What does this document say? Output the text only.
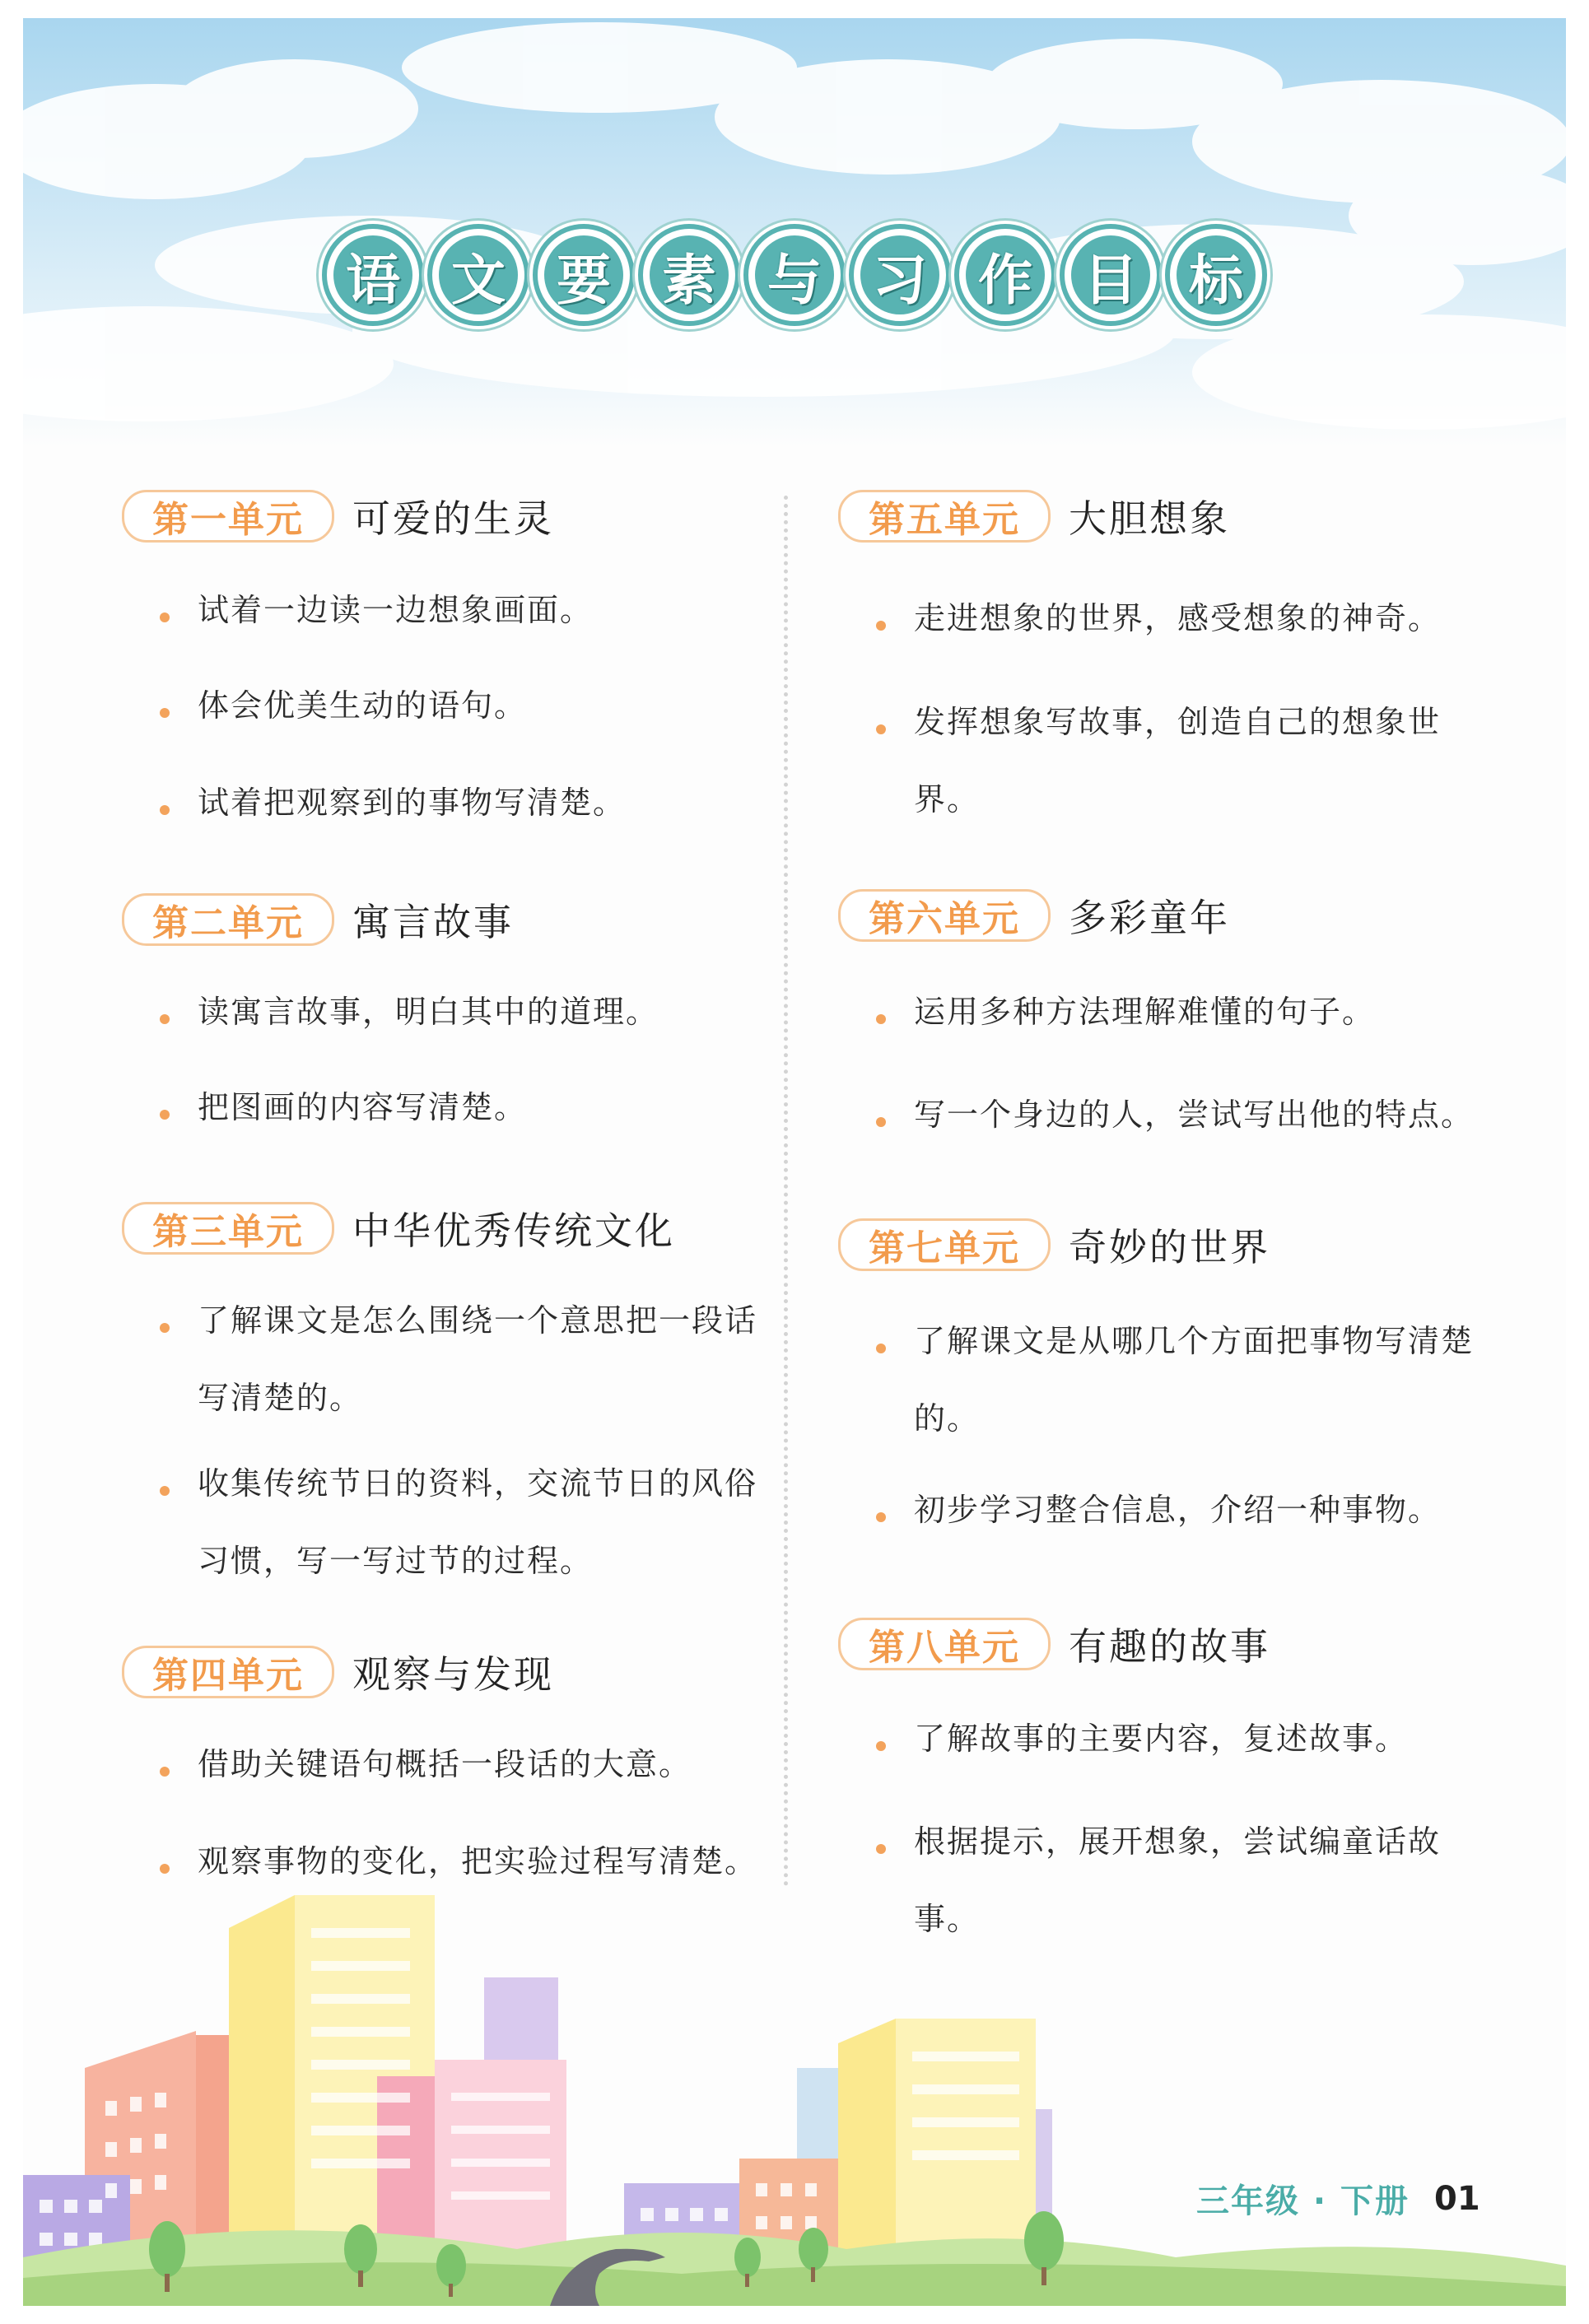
语 文 要 素 与 习 作 目 标
第一单元	可爱的生灵
试着一边读一边想象画面。
体会优美生动的语句。
试着把观察到的事物写清楚。
第二单元	寓言故事
读寓言故事，明白其中的道理。
把图画的内容写清楚。
第三单元	中华优秀传统文化
了解课文是怎么围绕一个意思把一段话写清楚的。
收集传统节日的资料，交流节日的风俗习惯，写一写过节的过程。
第四单元	观察与发现
借助关键语句概括一段话的大意。
观察事物的变化，把实验过程写清楚。
第五单元	大胆想象
走进想象的世界，感受想象的神奇。
发挥想象写故事，创造自己的想象世界。
第六单元	多彩童年
运用多种方法理解难懂的句子。
写一个身边的人，尝试写出他的特点。
第七单元	奇妙的世界
了解课文是从哪几个方面把事物写清楚的。
初步学习整合信息，介绍一种事物。
第八单元	有趣的故事
了解故事的主要内容，复述故事。
根据提示，展开想象，尝试编童话故事。
三年级 · 下册 01
